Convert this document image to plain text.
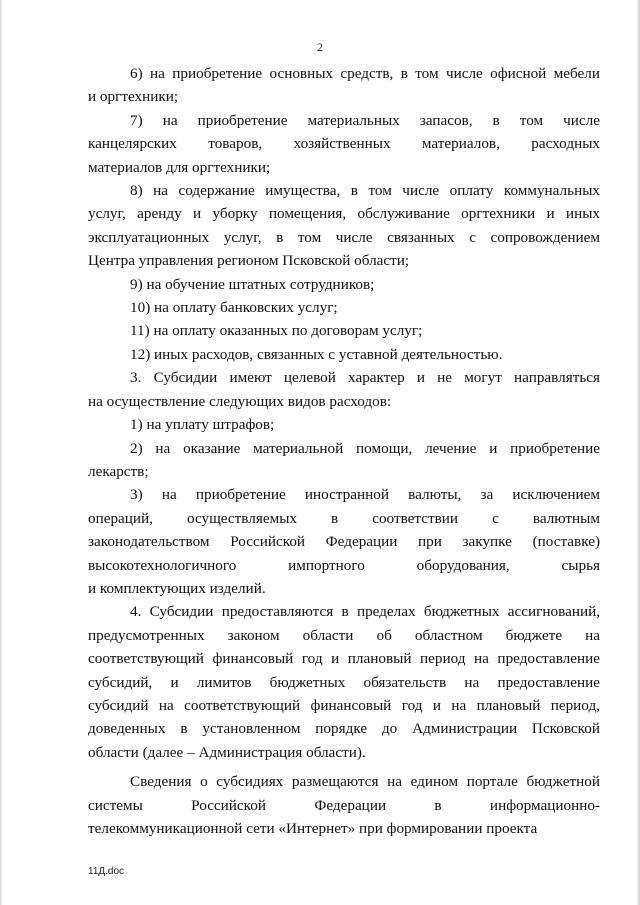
2
6) на приобретение основных средств, в том числе офисной мебели
и оргтехники;
7) на приобретение материальных запасов, в том числе
канцелярских товаров, хозяйственных материалов, расходных
материалов для оргтехники;
8) на содержание имущества, в том числе оплату коммунальных
услуг, аренду и уборку помещения, обслуживание оргтехники и иных
эксплуатационных услуг, в том числе связанных с сопровождением
Центра управления регионом Псковской области;
9) на обучение штатных сотрудников;
10) на оплату банковских услуг;
11) на оплату оказанных по договорам услуг;
12) иных расходов, связанных с уставной деятельностью.
3. Субсидии имеют целевой характер и не могут направляться
на осуществление следующих видов расходов:
1) на уплату штрафов;
2) на оказание материальной помощи, лечение и приобретение
лекарств;
3) на приобретение иностранной валюты, за исключением
операций, осуществляемых в соответствии с валютным
законодательством Российской Федерации при закупке (поставке)
высокотехнологичного импортного оборудования, сырья
и комплектующих изделий.
4. Субсидии предоставляются в пределах бюджетных ассигнований,
предусмотренных законом области об областном бюджете на
соответствующий финансовый год и плановый период на предоставление
субсидий, и лимитов бюджетных обязательств на предоставление
субсидий на соответствующий финансовый год и на плановый период,
доведенных в установленном порядке до Администрации Псковской
области (далее – Администрация области).
Сведения о субсидиях размещаются на едином портале бюджетной
системы Российской Федерации в информационно-
телекоммуникационной сети «Интернет» при формировании проекта
11Д.doc
